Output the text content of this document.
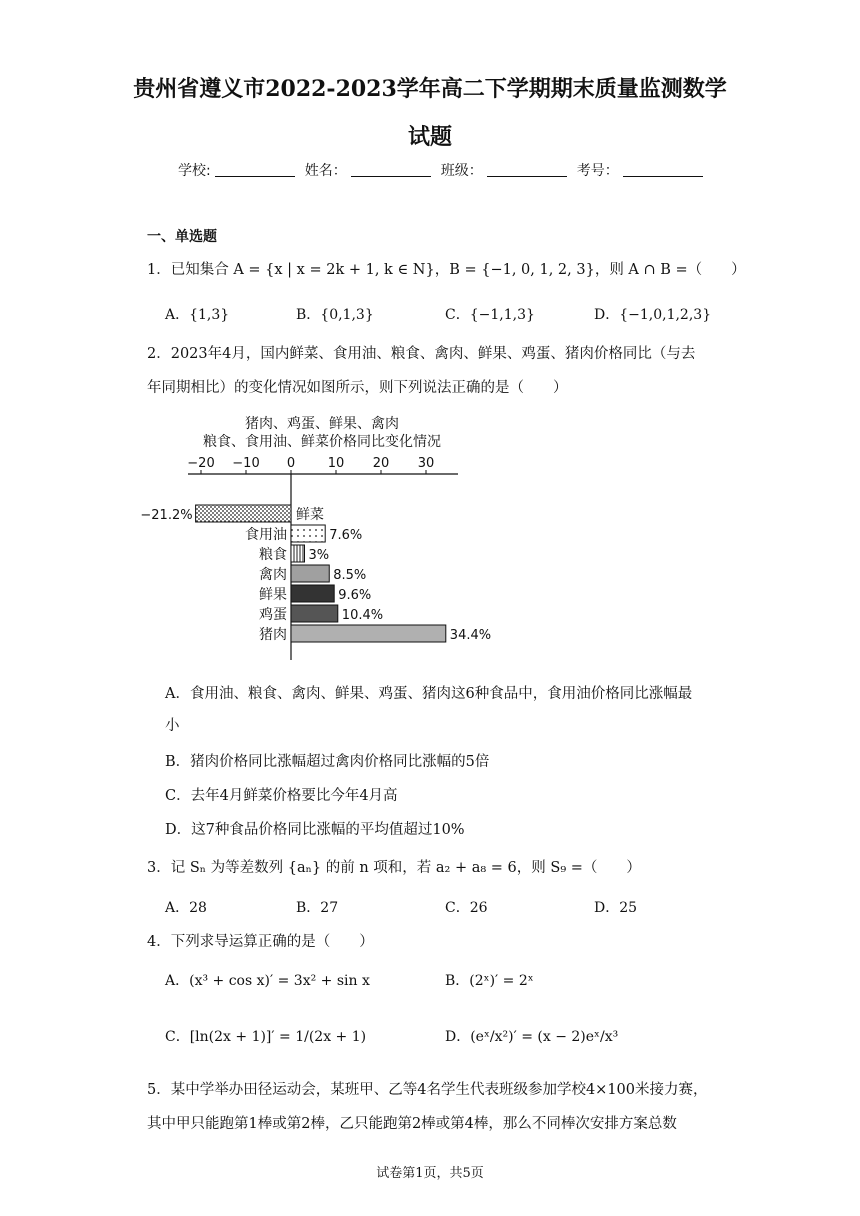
贵州省遵义市2022-2023学年高二下学期期末质量监测数学
试题
学校:	姓名：	班级：	考号：
一、单选题
1．已知集合 A = {x | x = 2k + 1, k ∈ N}，B = {−1, 0, 1, 2, 3}，则 A ∩ B =（　　）
A．{1,3}	B．{0,1,3}	C．{−1,1,3}	D．{−1,0,1,2,3}
2．2023年4月，国内鲜菜、食用油、粮食、禽肉、鲜果、鸡蛋、猪肉价格同比（与去
年同期相比）的变化情况如图所示，则下列说法正确的是（　　）
猪肉、鸡蛋、鲜果、禽肉
粮食、食用油、鲜菜价格同比变化情况
−20 −10 0	10 20 30
鲜菜
−21.2%
食用油	7.6%
粮食 3%
禽肉	8.5%
鲜果	9.6%
鸡蛋	10.4%
猪肉	34.4%
A．食用油、粮食、禽肉、鲜果、鸡蛋、猪肉这6种食品中，食用油价格同比涨幅最
小
B．猪肉价格同比涨幅超过禽肉价格同比涨幅的5倍
C．去年4月鲜菜价格要比今年4月高
D．这7种食品价格同比涨幅的平均值超过10%
3．记 Sₙ 为等差数列 {aₙ} 的前 n 项和，若 a₂ + a₈ = 6，则 S₉ =（　　）
A．28	B．27	C．26	D．25
4．下列求导运算正确的是（　　）
A．(x³ + cos x)′ = 3x² + sin x	B．(2ˣ)′ = 2ˣ
C．[ln(2x + 1)]′ = 1/(2x + 1)	D．(eˣ/x²)′ = (x − 2)eˣ/x³
5．某中学举办田径运动会，某班甲、乙等4名学生代表班级参加学校4×100米接力赛，
其中甲只能跑第1棒或第2棒，乙只能跑第2棒或第4棒，那么不同棒次安排方案总数
试卷第1页，共5页
